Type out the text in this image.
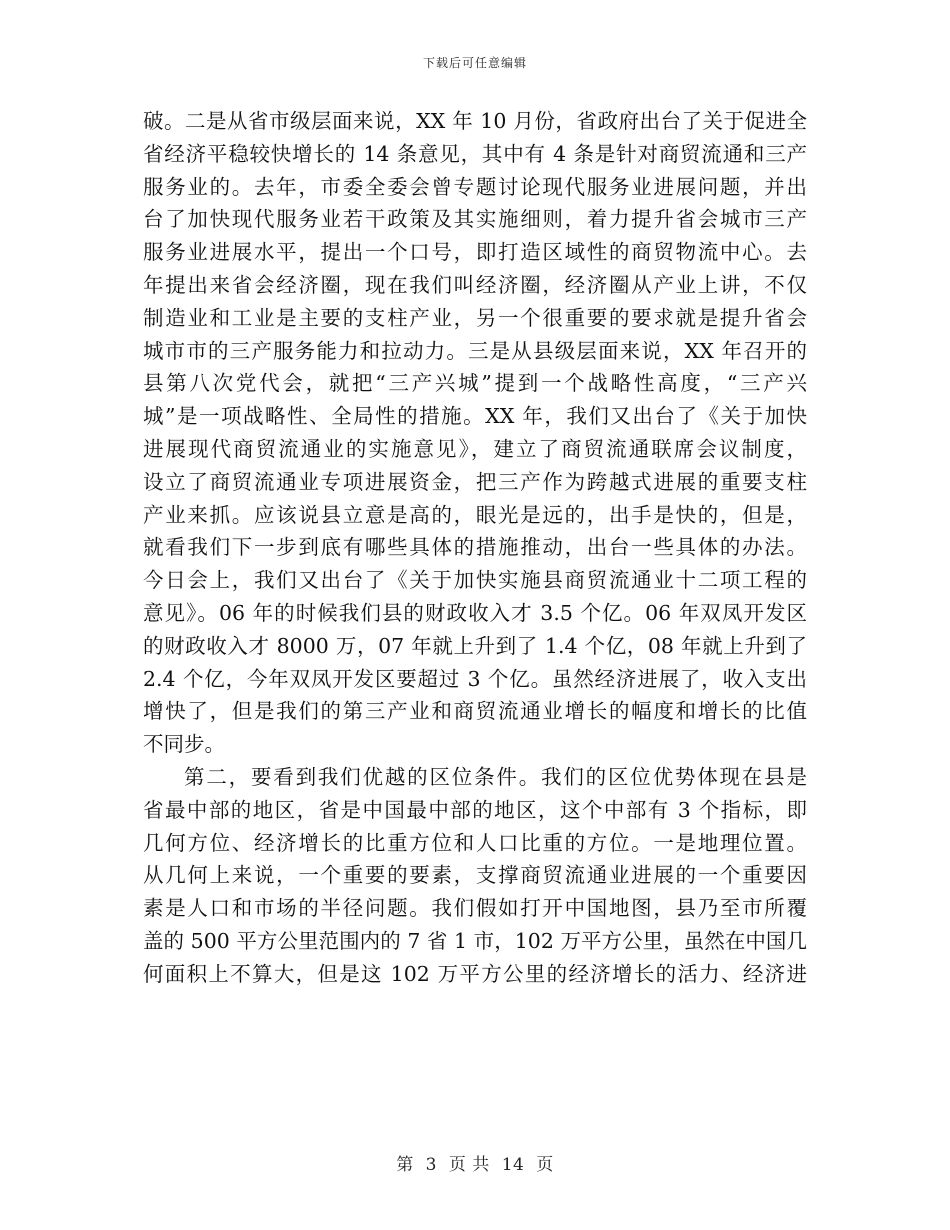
下载后可任意编辑
破。二是从省市级层面来说，XX 年 10 月份，省政府出台了关于促进全
省经济平稳较快增长的 14 条意见，其中有 4 条是针对商贸流通和三产
服务业的。去年，市委全委会曾专题讨论现代服务业进展问题，并出
台了加快现代服务业若干政策及其实施细则，着力提升省会城市三产
服务业进展水平，提出一个口号，即打造区域性的商贸物流中心。去
年提出来省会经济圈，现在我们叫经济圈，经济圈从产业上讲，不仅
制造业和工业是主要的支柱产业，另一个很重要的要求就是提升省会
城市市的三产服务能力和拉动力。三是从县级层面来说，XX 年召开的
县第八次党代会，就把“三产兴城”提到一个战略性高度，“三产兴
城”是一项战略性、全局性的措施。XX 年，我们又出台了《关于加快
进展现代商贸流通业的实施意见》，建立了商贸流通联席会议制度，
设立了商贸流通业专项进展资金，把三产作为跨越式进展的重要支柱
产业来抓。应该说县立意是高的，眼光是远的，出手是快的，但是，
就看我们下一步到底有哪些具体的措施推动，出台一些具体的办法。
今日会上，我们又出台了《关于加快实施县商贸流通业十二项工程的
意见》。06 年的时候我们县的财政收入才 3.5 个亿。06 年双凤开发区
的财政收入才 8000 万，07 年就上升到了 1.4 个亿，08 年就上升到了
2.4 个亿，今年双凤开发区要超过 3 个亿。虽然经济进展了，收入支出
增快了，但是我们的第三产业和商贸流通业增长的幅度和增长的比值
不同步。
第二，要看到我们优越的区位条件。我们的区位优势体现在县是
省最中部的地区，省是中国最中部的地区，这个中部有 3 个指标，即
几何方位、经济增长的比重方位和人口比重的方位。一是地理位置。
从几何上来说，一个重要的要素，支撑商贸流通业进展的一个重要因
素是人口和市场的半径问题。我们假如打开中国地图，县乃至市所覆
盖的 500 平方公里范围内的 7 省 1 市，102 万平方公里，虽然在中国几
何面积上不算大，但是这 102 万平方公里的经济增长的活力、经济进
第 3 页 共 14 页
